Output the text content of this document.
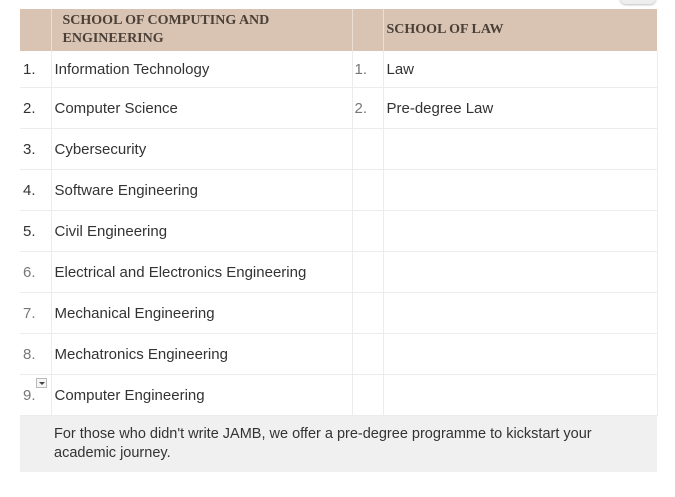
	SCHOOL OF COMPUTING AND ENGINEERING		SCHOOL OF LAW
1.	Information Technology	1.	Law
2.	Computer Science	2.	Pre-degree Law
3.	Cybersecurity		
4.	Software Engineering		
5.	Civil Engineering		
6.	Electrical and Electronics Engineering		
7.	Mechanical Engineering		
8.	Mechatronics Engineering		

9.	Computer Engineering		

For those who didn't write JAMB, we offer a pre-degree programme to kickstart your academic journey.			
